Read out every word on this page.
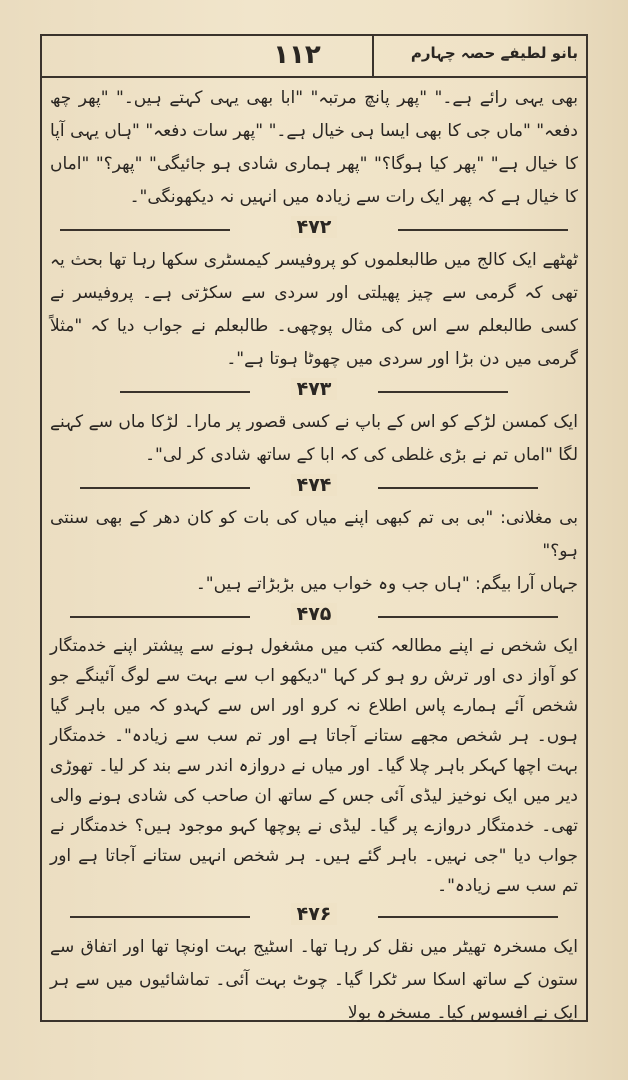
۱۱۲	بانو لطیفے حصہ چہارم

بھی یہی رائے ہے۔" "پھر پانچ مرتبہ" "ابا بھی یہی کہتے ہیں۔" "پھر چھ دفعہ" "ماں جی کا بھی ایسا ہی خیال ہے۔" "پھر سات دفعہ" "ہاں یہی آپا کا خیال ہے" "پھر کیا ہوگا؟" "پھر ہماری شادی ہو جائیگی" "پھر؟" "اماں کا خیال ہے کہ پھر ایک رات سے زیادہ میں انہیں نہ دیکھونگی"۔

۴۷۲

ٹھٹھے ایک کالج میں طالبعلموں کو پروفیسر کیمسٹری سکھا رہا تھا بحث یہ تھی کہ گرمی سے چیز پھیلتی اور سردی سے سکڑتی ہے۔ پروفیسر نے کسی طالبعلم سے اس کی مثال پوچھی۔ طالبعلم نے جواب دیا کہ "مثلاً گرمی میں دن بڑا اور سردی میں چھوٹا ہوتا ہے"۔

۴۷۳

ایک کمسن لڑکے کو اس کے باپ نے کسی قصور پر مارا۔ لڑکا ماں سے کہنے لگا "اماں تم نے بڑی غلطی کی کہ ابا کے ساتھ شادی کر لی"۔

۴۷۴

بی مغلانی: "بی بی تم کبھی اپنے میاں کی بات کو کان دھر کے بھی سنتی ہو؟"

جہاں آرا بیگم: "ہاں جب وہ خواب میں بڑبڑاتے ہیں"۔

۴۷۵

ایک شخص نے اپنے مطالعہ کتب میں مشغول ہونے سے پیشتر اپنے خدمتگار کو آواز دی اور ترش رو ہو کر کہا "دیکھو اب سے بہت سے لوگ آئینگے جو شخص آئے ہمارے پاس اطلاع نہ کرو اور اس سے کہدو کہ میں باہر گیا ہوں۔ ہر شخص مجھے ستانے آجاتا ہے اور تم سب سے زیادہ"۔ خدمتگار بہت اچھا کہکر باہر چلا گیا۔ اور میاں نے دروازہ اندر سے بند کر لیا۔ تھوڑی دیر میں ایک نوخیز لیڈی آئی جس کے ساتھ ان صاحب کی شادی ہونے والی تھی۔ خدمتگار دروازے پر گیا۔ لیڈی نے پوچھا کہو موجود ہیں؟ خدمتگار نے جواب دیا "جی نہیں۔ باہر گئے ہیں۔ ہر شخص انہیں ستانے آجاتا ہے اور تم سب سے زیادہ"۔

۴۷۶

ایک مسخرہ تھیٹر میں نقل کر رہا تھا۔ اسٹیج بہت اونچا تھا اور اتفاق سے ستون کے ساتھ اسکا سر ٹکرا گیا۔ چوٹ بہت آئی۔ تماشائیوں میں سے ہر ایک نے افسوس کیا۔ مسخرہ بولا
